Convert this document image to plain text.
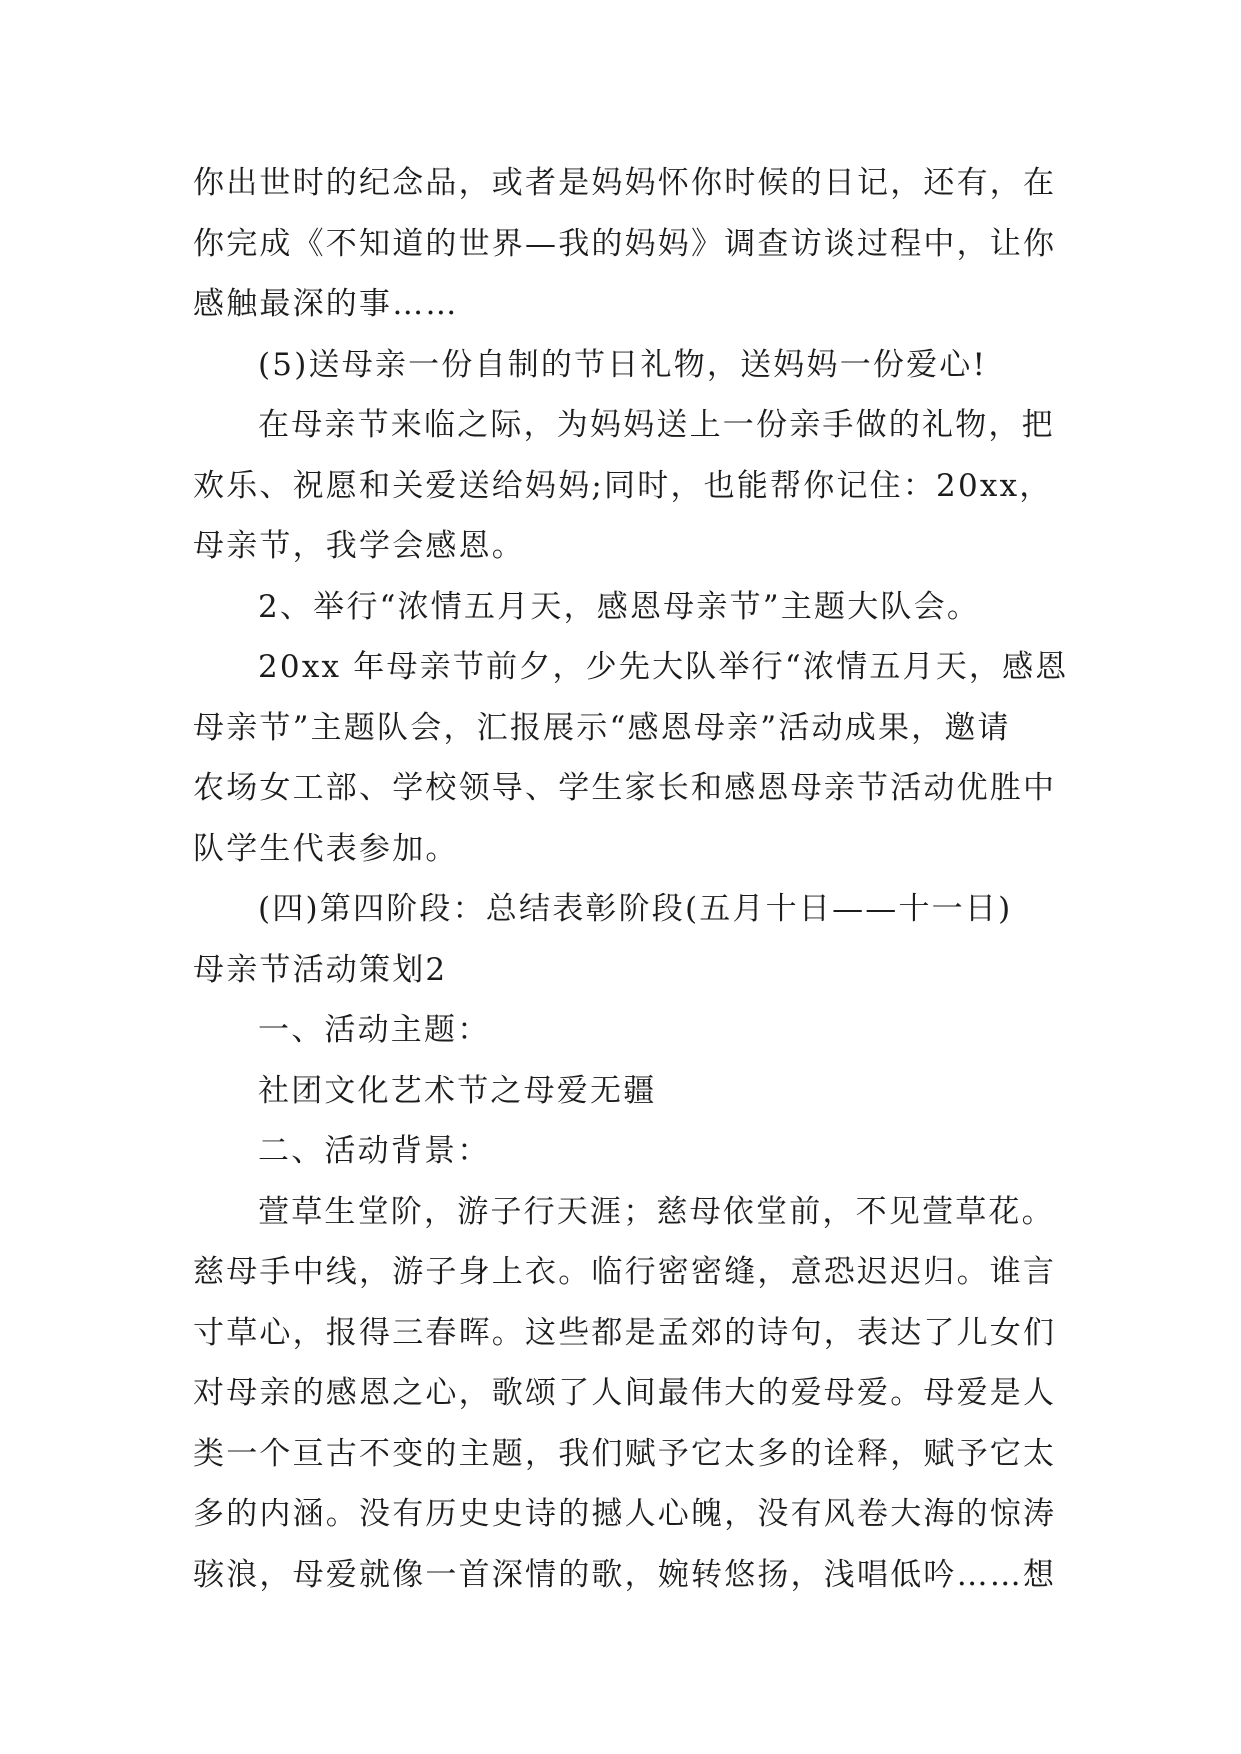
你出世时的纪念品，或者是妈妈怀你时候的日记，还有，在
你完成《不知道的世界—我的妈妈》调查访谈过程中，让你
感触最深的事……
(5)送母亲一份自制的节日礼物，送妈妈一份爱心!
在母亲节来临之际，为妈妈送上一份亲手做的礼物，把
欢乐、祝愿和关爱送给妈妈;同时，也能帮你记住：20xx，
母亲节，我学会感恩。
2、举行“浓情五月天，感恩母亲节”主题大队会。
20xx 年母亲节前夕，少先大队举行“浓情五月天，感恩
母亲节”主题队会，汇报展示“感恩母亲”活动成果，邀请
农场女工部、学校领导、学生家长和感恩母亲节活动优胜中
队学生代表参加。
(四)第四阶段：总结表彰阶段(五月十日——十一日)
母亲节活动策划2
一、活动主题：
社团文化艺术节之母爱无疆
二、活动背景：
萱草生堂阶，游子行天涯；慈母依堂前，不见萱草花。
慈母手中线，游子身上衣。临行密密缝，意恐迟迟归。谁言
寸草心，报得三春晖。这些都是孟郊的诗句，表达了儿女们
对母亲的感恩之心，歌颂了人间最伟大的爱母爱。母爱是人
类一个亘古不变的主题，我们赋予它太多的诠释，赋予它太
多的内涵。没有历史史诗的撼人心魄，没有风卷大海的惊涛
骇浪，母爱就像一首深情的歌，婉转悠扬，浅唱低吟……想
